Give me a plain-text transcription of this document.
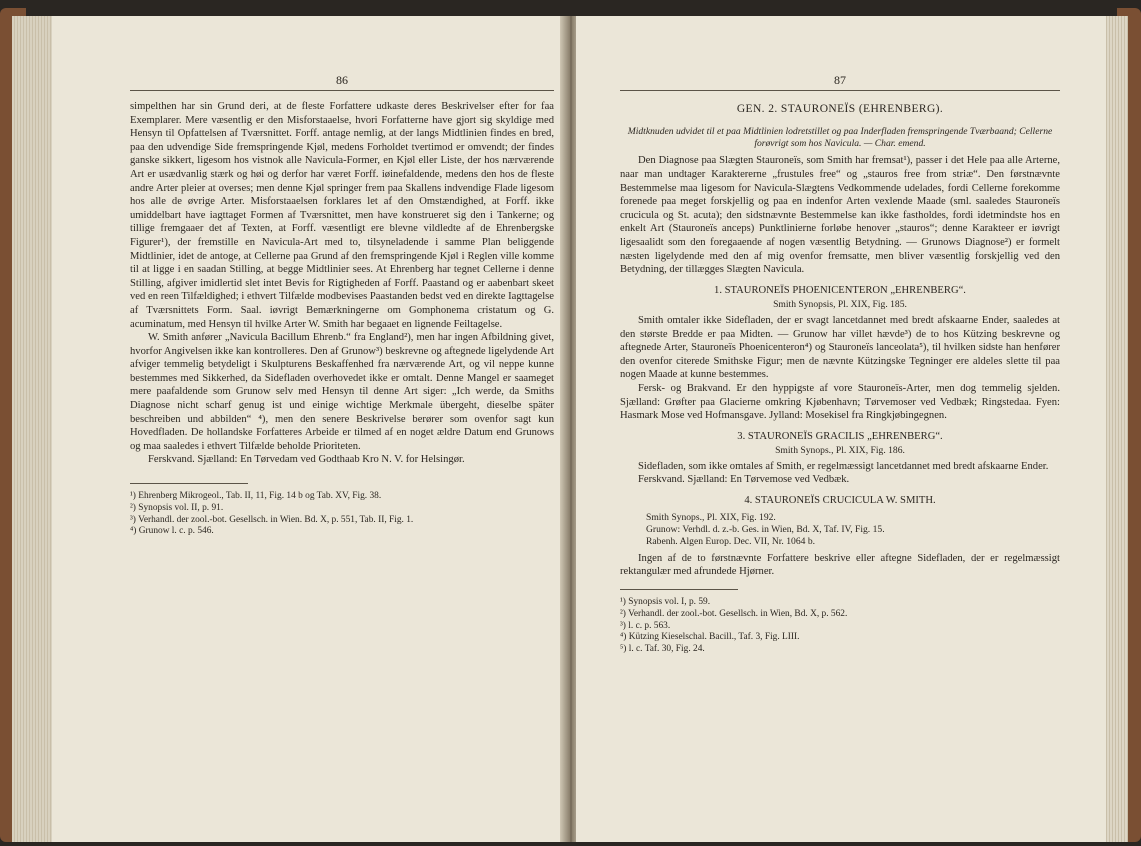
86

simpelthen har sin Grund deri, at de fleste Forfattere udkaste deres Beskrivelser efter for faa Exemplarer. Mere væsentlig er den Misforstaaelse, hvori Forfatterne have gjort sig skyldige med Hensyn til Opfattelsen af Tværsnittet. Forff. antage nemlig, at der langs Midtlinien findes en bred, paa den udvendige Side fremspringende Kjøl, medens Forholdet tvertimod er omvendt; der findes ganske sikkert, ligesom hos vistnok alle Navicula-Former, en Kjøl eller Liste, der hos nærværende Art er usædvanlig stærk og høi og derfor har været Forff. iøinefaldende, medens den hos de fleste andre Arter pleier at overses; men denne Kjøl springer frem paa Skallens indvendige Flade ligesom hos alle de øvrige Arter. Misforstaaelsen forklares let af den Omstændighed, at Forff. ikke umiddelbart have iagttaget Formen af Tværsnittet, men have konstrueret sig den i Tankerne; og tillige fremgaaer det af Texten, at Forff. væsentligt ere blevne vildledte af de Ehrenbergske Figurer¹), der fremstille en Navicula-Art med to, tilsyneladende i samme Plan beliggende Midtlinier, idet de antoge, at Cellerne paa Grund af den fremspringende Kjøl i Reglen ville komme til at ligge i en saadan Stilling, at begge Midtlinier sees. At Ehrenberg har tegnet Cellerne i denne Stilling, afgiver imidlertid slet intet Bevis for Rigtigheden af Forff. Paastand og er aabenbart skeet ved en reen Tilfældighed; i ethvert Tilfælde modbevises Paastanden bedst ved en direkte Iagttagelse af Tværsnittets Form. Saal. iøvrigt Bemærkningerne om Gomphonema cristatum og G. acuminatum, med Hensyn til hvilke Arter W. Smith har begaaet en lignende Feiltagelse.

W. Smith anfører „Navicula Bacillum Ehrenb.“ fra England²), men har ingen Afbildning givet, hvorfor Angivelsen ikke kan kontrolleres. Den af Grunow³) beskrevne og aftegnede ligelydende Art afviger temmelig betydeligt i Skulpturens Beskaffenhed fra nærværende Art, og vil neppe kunne bestemmes med Sikkerhed, da Sidefladen overhovedet ikke er omtalt. Denne Mangel er saameget mere paafaldende som Grunow selv med Hensyn til denne Art siger: „Ich werde, da Smiths Diagnose nicht scharf genug ist und einige wichtige Merkmale übergeht, dieselbe später beschreiben und abbilden“ ⁴), men den senere Beskrivelse berører som ovenfor sagt kun Hovedfladen. De hollandske Forfatteres Arbeide er tilmed af en noget ældre Datum end Grunows og maa saaledes i ethvert Tilfælde beholde Prioriteten.

Ferskvand. Sjælland: En Tørvedam ved Godthaab Kro N. V. for Helsingør.

¹) Ehrenberg Mikrogeol., Tab. II, 11, Fig. 14 b og Tab. XV, Fig. 38.
²) Synopsis vol. II, p. 91.
³) Verhandl. der zool.-bot. Gesellsch. in Wien. Bd. X, p. 551, Tab. II, Fig. 1.
⁴) Grunow l. c. p. 546.
87
GEN. 2. STAURONEÏS (EHRENBERG).

Midtknuden udvidet til et paa Midtlinien lodretstillet og paa Inderfladen fremspringende Tværbaand; Cellerne forøvrigt som hos Navicula. — Char. emend.

Den Diagnose paa Slægten Stauroneïs, som Smith har fremsat¹), passer i det Hele paa alle Arterne, naar man undtager Karaktererne „frustules free“ og „stauros free from striæ“. Den førstnævnte Bestemmelse maa ligesom for Navicula-Slægtens Vedkommende udelades, fordi Cellerne forekomme forenede paa meget forskjellig og paa en indenfor Arten vexlende Maade (sml. saaledes Stauroneïs crucicula og St. acuta); den sidstnævnte Bestemmelse kan ikke fastholdes, fordi idetmindste hos en enkelt Art (Stauroneïs anceps) Punktlinierne forløbe henover „stauros“; denne Karakteer er iøvrigt ligesaalidt som den foregaaende af nogen væsentlig Betydning. — Grunows Diagnose²) er formelt næsten ligelydende med den af mig ovenfor fremsatte, men bliver væsentlig forskjellig ved den Betydning, der tillægges Slægten Navicula.

1. STAURONEÏS PHOENICENTERON „EHRENBERG“.
Smith Synopsis, Pl. XIX, Fig. 185.

Smith omtaler ikke Sidefladen, der er svagt lancetdannet med bredt afskaarne Ender, saaledes at den største Bredde er paa Midten. — Grunow har villet hævde³) de to hos Kützing beskrevne og aftegnede Arter, Stauroneïs Phoenicenteron⁴) og Stauroneïs lanceolata⁵), til hvilken sidste han henfører den ovenfor citerede Smithske Figur; men de nævnte Kützingske Tegninger ere aldeles slette til paa nogen Maade at kunne bestemmes.

Fersk- og Brakvand. Er den hyppigste af vore Stauroneïs-Arter, men dog temmelig sjelden. Sjælland: Grøfter paa Glacierne omkring Kjøbenhavn; Tørvemoser ved Vedbæk; Ringstedaa. Fyen: Hasmark Mose ved Hofmansgave. Jylland: Mosekisel fra Ringkjøbingegnen.

3. STAURONEÏS GRACILIS „EHRENBERG“.
Smith Synops., Pl. XIX, Fig. 186.

Sidefladen, som ikke omtales af Smith, er regelmæssigt lancetdannet med bredt afskaarne Ender.

Ferskvand. Sjælland: En Tørvemose ved Vedbæk.

4. STAURONEÏS CRUCICULA W. SMITH.
Smith Synops., Pl. XIX, Fig. 192.
Grunow: Verhdl. d. z.-b. Ges. in Wien, Bd. X, Taf. IV, Fig. 15.
Rabenh. Algen Europ. Dec. VII, Nr. 1064 b.

Ingen af de to førstnævnte Forfattere beskrive eller aftegne Sidefladen, der er regelmæssigt rektangulær med afrundede Hjørner.

¹) Synopsis vol. I, p. 59.
²) Verhandl. der zool.-bot. Gesellsch. in Wien, Bd. X, p. 562.
³) l. c. p. 563.
⁴) Kützing Kieselschal. Bacill., Taf. 3, Fig. LIII.
⁵) l. c. Taf. 30, Fig. 24.
